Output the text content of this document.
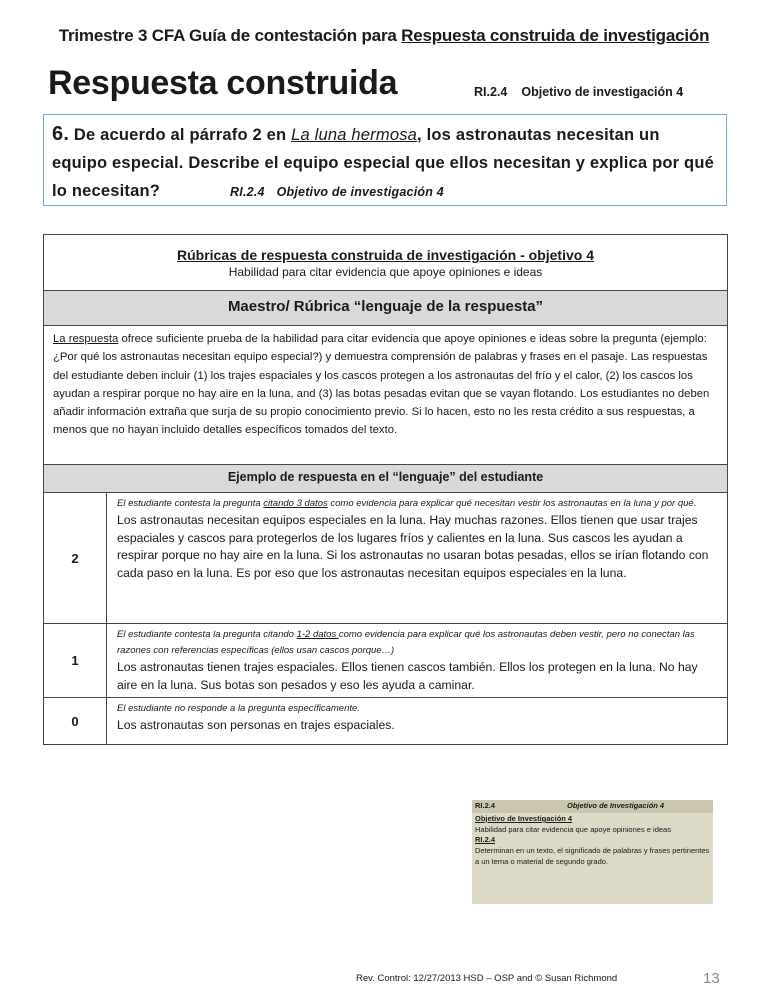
Trimestre 3 CFA Guía de contestación para Respuesta construida de investigación
Respuesta construida	RI.2.4 Objetivo de investigación 4
6. De acuerdo al párrafo 2 en La luna hermosa, los astronautas necesitan un equipo especial. Describe el equipo especial que ellos necesitan y explica por qué lo necesitan?	RI.2.4 Objetivo de investigación 4
Rúbricas de respuesta construida de investigación - objetivo 4
Habilidad para citar evidencia que apoye opiniones e ideas	

Maestro/ Rúbrica “lenguaje de la respuesta”	

La respuesta ofrece suficiente prueba de la habilidad para citar evidencia que apoye opiniones e ideas sobre la pregunta (ejemplo: ¿Por qué los astronautas necesitan equipo especial?) y demuestra comprensión de palabras y frases en el pasaje. Las respuestas del estudiante deben incluir (1) los trajes espaciales y los cascos protegen a los astronautas del frío y el calor, (2) los cascos los ayudan a respirar porque no hay aire en la luna, and (3) las botas pesadas evitan que se vayan flotando. Los estudiantes no deben añadir información extraña que surja de su propio conocimiento previo. Si lo hacen, esto no les resta crédito a sus respuestas, a menos que no hayan incluido detalles específicos tomados del texto.	

Ejemplo de respuesta en el “lenguaje” del estudiante	

2	El estudiante contesta la pregunta citando 3 datos como evidencia para explicar qué necesitan vestir los astronautas en la luna y por qué.
Los astronautas necesitan equipos especiales en la luna. Hay muchas razones. Ellos tienen que usar trajes espaciales y cascos para protegerlos de los lugares fríos y calientes en la luna. Sus cascos les ayudan a respirar porque no hay aire en la luna. Si los astronautas no usaran botas pesadas, ellos se irían flotando con cada paso en la luna. Es por eso que los astronautas necesitan equipos especiales en la luna.

1	El estudiante contesta la pregunta citando 1-2 datos como evidencia para explicar qué los astronautas deben vestir, pero no conectan las razones con referencias específicas (ellos usan cascos porque…)
Los astronautas tienen trajes espaciales. Ellos tienen cascos también. Ellos los protegen en la luna. No hay aire en la luna. Sus botas son pesados y eso les ayuda a caminar.

0	El estudiante no responde a la pregunta específicamente.
Los astronautas son personas en trajes espaciales.
RI.2.4	Objetivo de Investigación 4
Objetivo de Investigación 4
Habilidad para citar evidencia que apoye opiniones e ideas
RI.2.4
Determinan en un texto, el significado de palabras y frases pertinentes a un tema o material de segundo grado.
Rev. Control: 12/27/2013 HSD – OSP and © Susan Richmond	13
